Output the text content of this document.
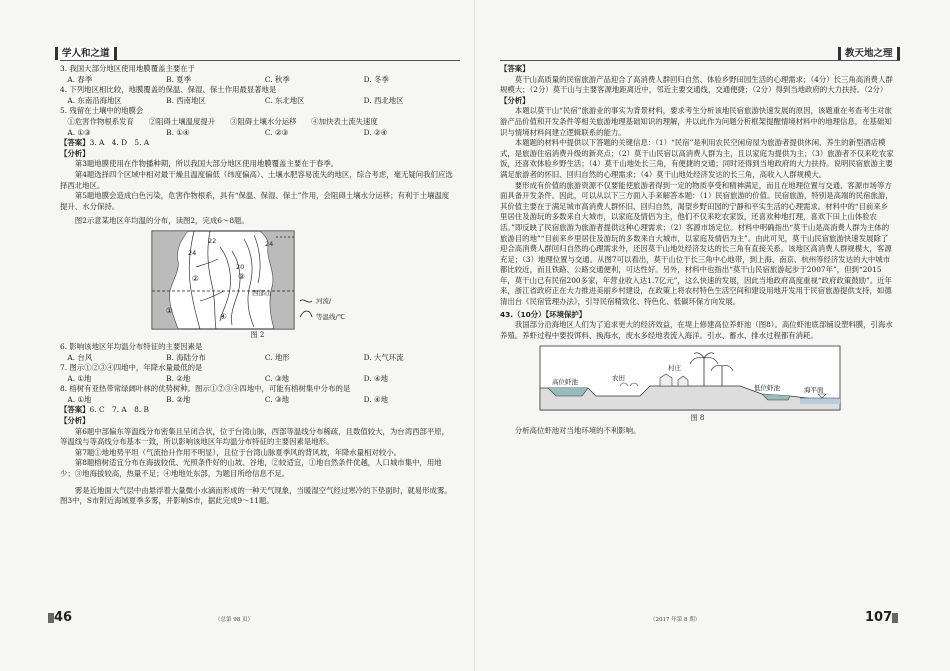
学人和之道

3. 我国大部分地区使用地膜覆盖主要在于

A. 春季	B. 夏季	C. 秋季	D. 冬季

4. 下列地区相比较，地膜覆盖的保温、保湿、保土作用最显著地是

A. 东南沿海地区	B. 西南地区	C. 东北地区	D. 西北地区

5. 残留在土壤中的地膜会

①危害作物根系发育　　②阻碍土壤温度提升　　③阻碍土壤水分运移　　④加快表土流失速度

A. ①③	B. ①④	C. ②③	D. ②④

【答案】3. A　4. D　5. A

【分析】

第3题地膜使用在作物播种期，所以我国大部分地区使用地膜覆盖主要在于春季。

第4题选择四个区域中相对最干燥且温度偏低（纬度偏高）、土壤水肥容易流失的地区，综合考虑，毫无疑问我们应选择西北地区。

第5题地膜会造成白色污染，危害作物根系，具有“保温、保湿、保土”作用，会阻碍土壤水分运移；有利于土壤温度提升、水分保持。

图2示意某地区年均温的分布，读图2，完成6～8题。

24
24
22
20
西部山
①
②	③
④
河流/
等温线/℃
图 2

6. 影响该地区年均温分布特征的主要因素是

A. 台风	B. 海陆分布	C. 地形	D. 大气环流

7. 图示①②③④四地中，年降水量最低的是

A. ①地	B. ②地	C. ③地	D. ④地

8. 榕树有亚热带常绿阔叶林的优势树种。图示①②③④四地中，可能有榕树集中分布的是

A. ①地	B. ②地	C. ③地	D. ④地

【答案】6. C　7. A　8. B

【分析】

第6题中部偏东等温线分布密集且呈闭合状，位于台湾山脉，西部等温线分布稀疏，且数值较大，为台湾西部平原，等温线与等高线分布基本一致，所以影响该地区年均温分布特征的主要因素是地形。

第7题①地地势平坦（气流抬升作用不明显），且位于台湾山脉夏季风的背风坡，年降水量相对较小。

第8题榕树适宜分布在海拔较低、光照条件好的山坡、谷地，②较适宜，①地自然条件优越，人口城市集中，用地少；③地海拔较高，热量不足；④地地处东部，为题目所给信息不足。

雾是近地面大气层中由悬浮着大量微小水滴而形成的一种天气现象，当暖湿空气经过寒冷的下垫面时，就易形成雾。图3中，S市附近海域夏季多雾，并影响S市，据此完成9～11题。

46	（总第 98 页）
教天地之理

【答案】

莫干山高质量的民宿旅游产品迎合了高消费人群回归自然、体验乡野田园生活的心理需求；（4分）长三角高消费人群规模大；（2分）莫干山与主要客源地距离近中，邻近主要交通线，交通便捷；（2分）得到当地政府的大力扶持。（2分）

【分析】

本题以莫干山“民宿”旅游业的事实为背景材料，要求考生分析该地民宿旅游快速发展的原因，该题重在考查考生对旅游产品价值和开发条件等相关旅游地理基础知识的理解，并以此作为问题分析框架提醒情境材料中的地理信息，在基础知识与情境材料间建立逻辑联系的能力。

本题题的材料中提供以下答题的关键信息：（1）“民宿”是利用农民空闲房屋为旅游者提供休闲、养生的新型酒店模式，是旅游住宿消费升级的新亮点；（2）莫干山民宿以高消费人群为主，且以家庭为提供为主；（3）旅游者不仅来吃农家饭，还喜欢体验乡野生活；（4）莫干山地处长三角，有便捷的交通；同时还得到当地政府的大力扶持。说明民宿旅游主要满足旅游者的怀旧、回归自然的心理需求；（4）莫干山地处经济发达的长三角，高收入人群规模大。

要形成有价值的旅游资源不仅要能使旅游者得到一定的物质享受和精神满足，而且在地理位置与交通、客源市场等方面具备开发条件。因此，可以从以下三方面入手来解答本题：（1）民宿旅游的价值。民宿旅游，特别是高端的民宿旅游，其价值主要在于满足城市高消费人群怀旧、回归自然，渴望乡野田园的宁静和平实生活的心理需求。材料中的“目前来乡里居住及游玩的多数来自大城市，以家庭及情侣为主，他们不仅来吃农家饭，还喜欢种地打理，喜欢下田上山体验农活。”即反映了民宿旅游为旅游者提供这种心理需求；（2）客源市场定位。材料中明确指出“莫干山是高消费人群为主体的旅游目的地”“目前来乡里居住及游玩的多数来自大城市，以家庭及情侣为主”。由此可见，莫干山民宿旅游快速发展除了迎合高消费人群回归自然的心理需求外，还因莫干山地处经济发达的长三角有直接关系。该地区高消费人群规模大，客源充足；（3）地理位置与交通。从图7可以看出，莫干山位于长三角中心地带，到上海、南京、杭州等经济发达的大中城市都比较近，而且铁路、公路交通便利，可达性好。另外，材料中也指出“莫干山民宿旅游起步于2007年”，但到“2015年，莫干山已有民宿200多家，年营业收入达1.7亿元”，这么快速的发展，因此当地政府高度重视“政府政策鼓励”。近年来，浙江省政府正在大力推进美丽乡村建设，在政策上将农村特色生活空间和建设用地开发用于民宿旅游提供支持，如德清出台《民宿管理办法》，引导民宿精致化、特色化、低碳环保方向发展。

43.（10分）【环境保护】

我国部分沿海地区人们为了追求更大的经济效益，在堤上修建高位养虾池（图8）。高位虾池底部铺设塑料膜，引海水养殖。养虾过程中要投饵料、换海水，废水多经地表流入海洋。引水、蓄水、排水过程都有消耗。

高位虾池	农田
村庄
低位虾池	海平面
图 8

分析高位虾池对当地环境的不利影响。

107
（2017 年第 8 期）
